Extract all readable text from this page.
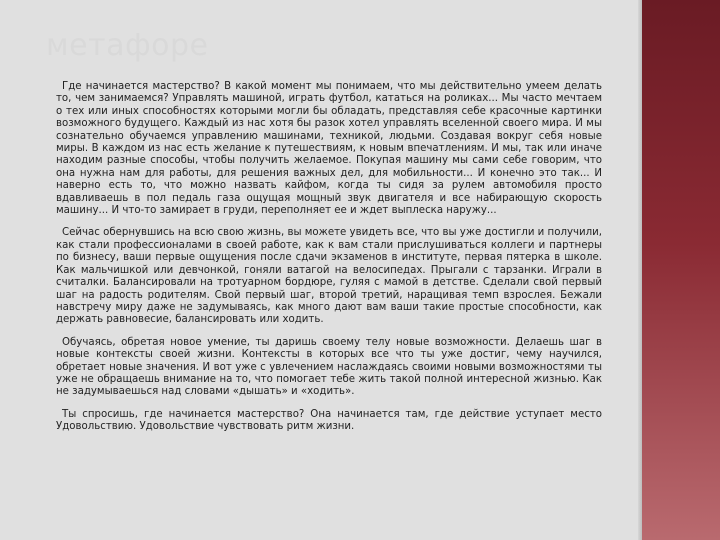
метафоре

Где начинается мастерство? В какой момент мы понимаем, что мы действительно умеем делать то, чем занимаемся? Управлять машиной, играть футбол, кататься на роликах... Мы часто мечтаем о тех или иных способностях которыми могли бы обладать, представляя себе красочные картинки возможного будущего. Каждый из нас хотя бы разок хотел управлять вселенной своего мира. И мы сознательно обучаемся управлению машинами, техникой, людьми. Создавая вокруг себя новые миры. В каждом из нас есть желание к путешествиям, к новым впечатлениям. И мы, так или иначе находим разные способы, чтобы получить желаемое. Покупая машину мы сами себе говорим, что она нужна нам для работы, для решения важных дел, для мобильности... И конечно это так... И наверно есть то, что можно назвать кайфом, когда ты сидя за рулем автомобиля просто вдавливаешь в пол педаль газа ощущая мощный звук двигателя и все набирающую скорость машину... И что-то замирает в груди, переполняет ее и ждет выплеска наружу...

Сейчас обернувшись на всю свою жизнь, вы можете увидеть все, что вы уже достигли и получили, как стали профессионалами в своей работе, как к вам стали прислушиваться коллеги и партнеры по бизнесу, ваши первые ощущения после сдачи экзаменов в институте, первая пятерка в школе. Как мальчишкой или девчонкой, гоняли ватагой на велосипедах. Прыгали с тарзанки. Играли в считалки. Балансировали на тротуарном бордюре, гуляя с мамой в детстве. Сделали свой первый шаг на радость родителям. Свой первый шаг, второй третий, наращивая темп взрослея. Бежали навстречу миру даже не задумываясь, как много дают вам ваши такие простые способности, как держать равновесие, балансировать или ходить.

Обучаясь, обретая новое умение, ты даришь своему телу новые возможности. Делаешь шаг в новые контексты своей жизни. Контексты в которых все что ты уже достиг, чему научился, обретает новые значения. И вот уже с увлечением наслаждаясь своими новыми возможностями ты уже не обращаешь внимание на то, что помогает тебе жить такой полной интересной жизнью. Как не задумываешься над словами «дышать» и «ходить».

Ты спросишь, где начинается мастерство? Она начинается там, где действие уступает место Удовольствию. Удовольствие чувствовать ритм жизни.
